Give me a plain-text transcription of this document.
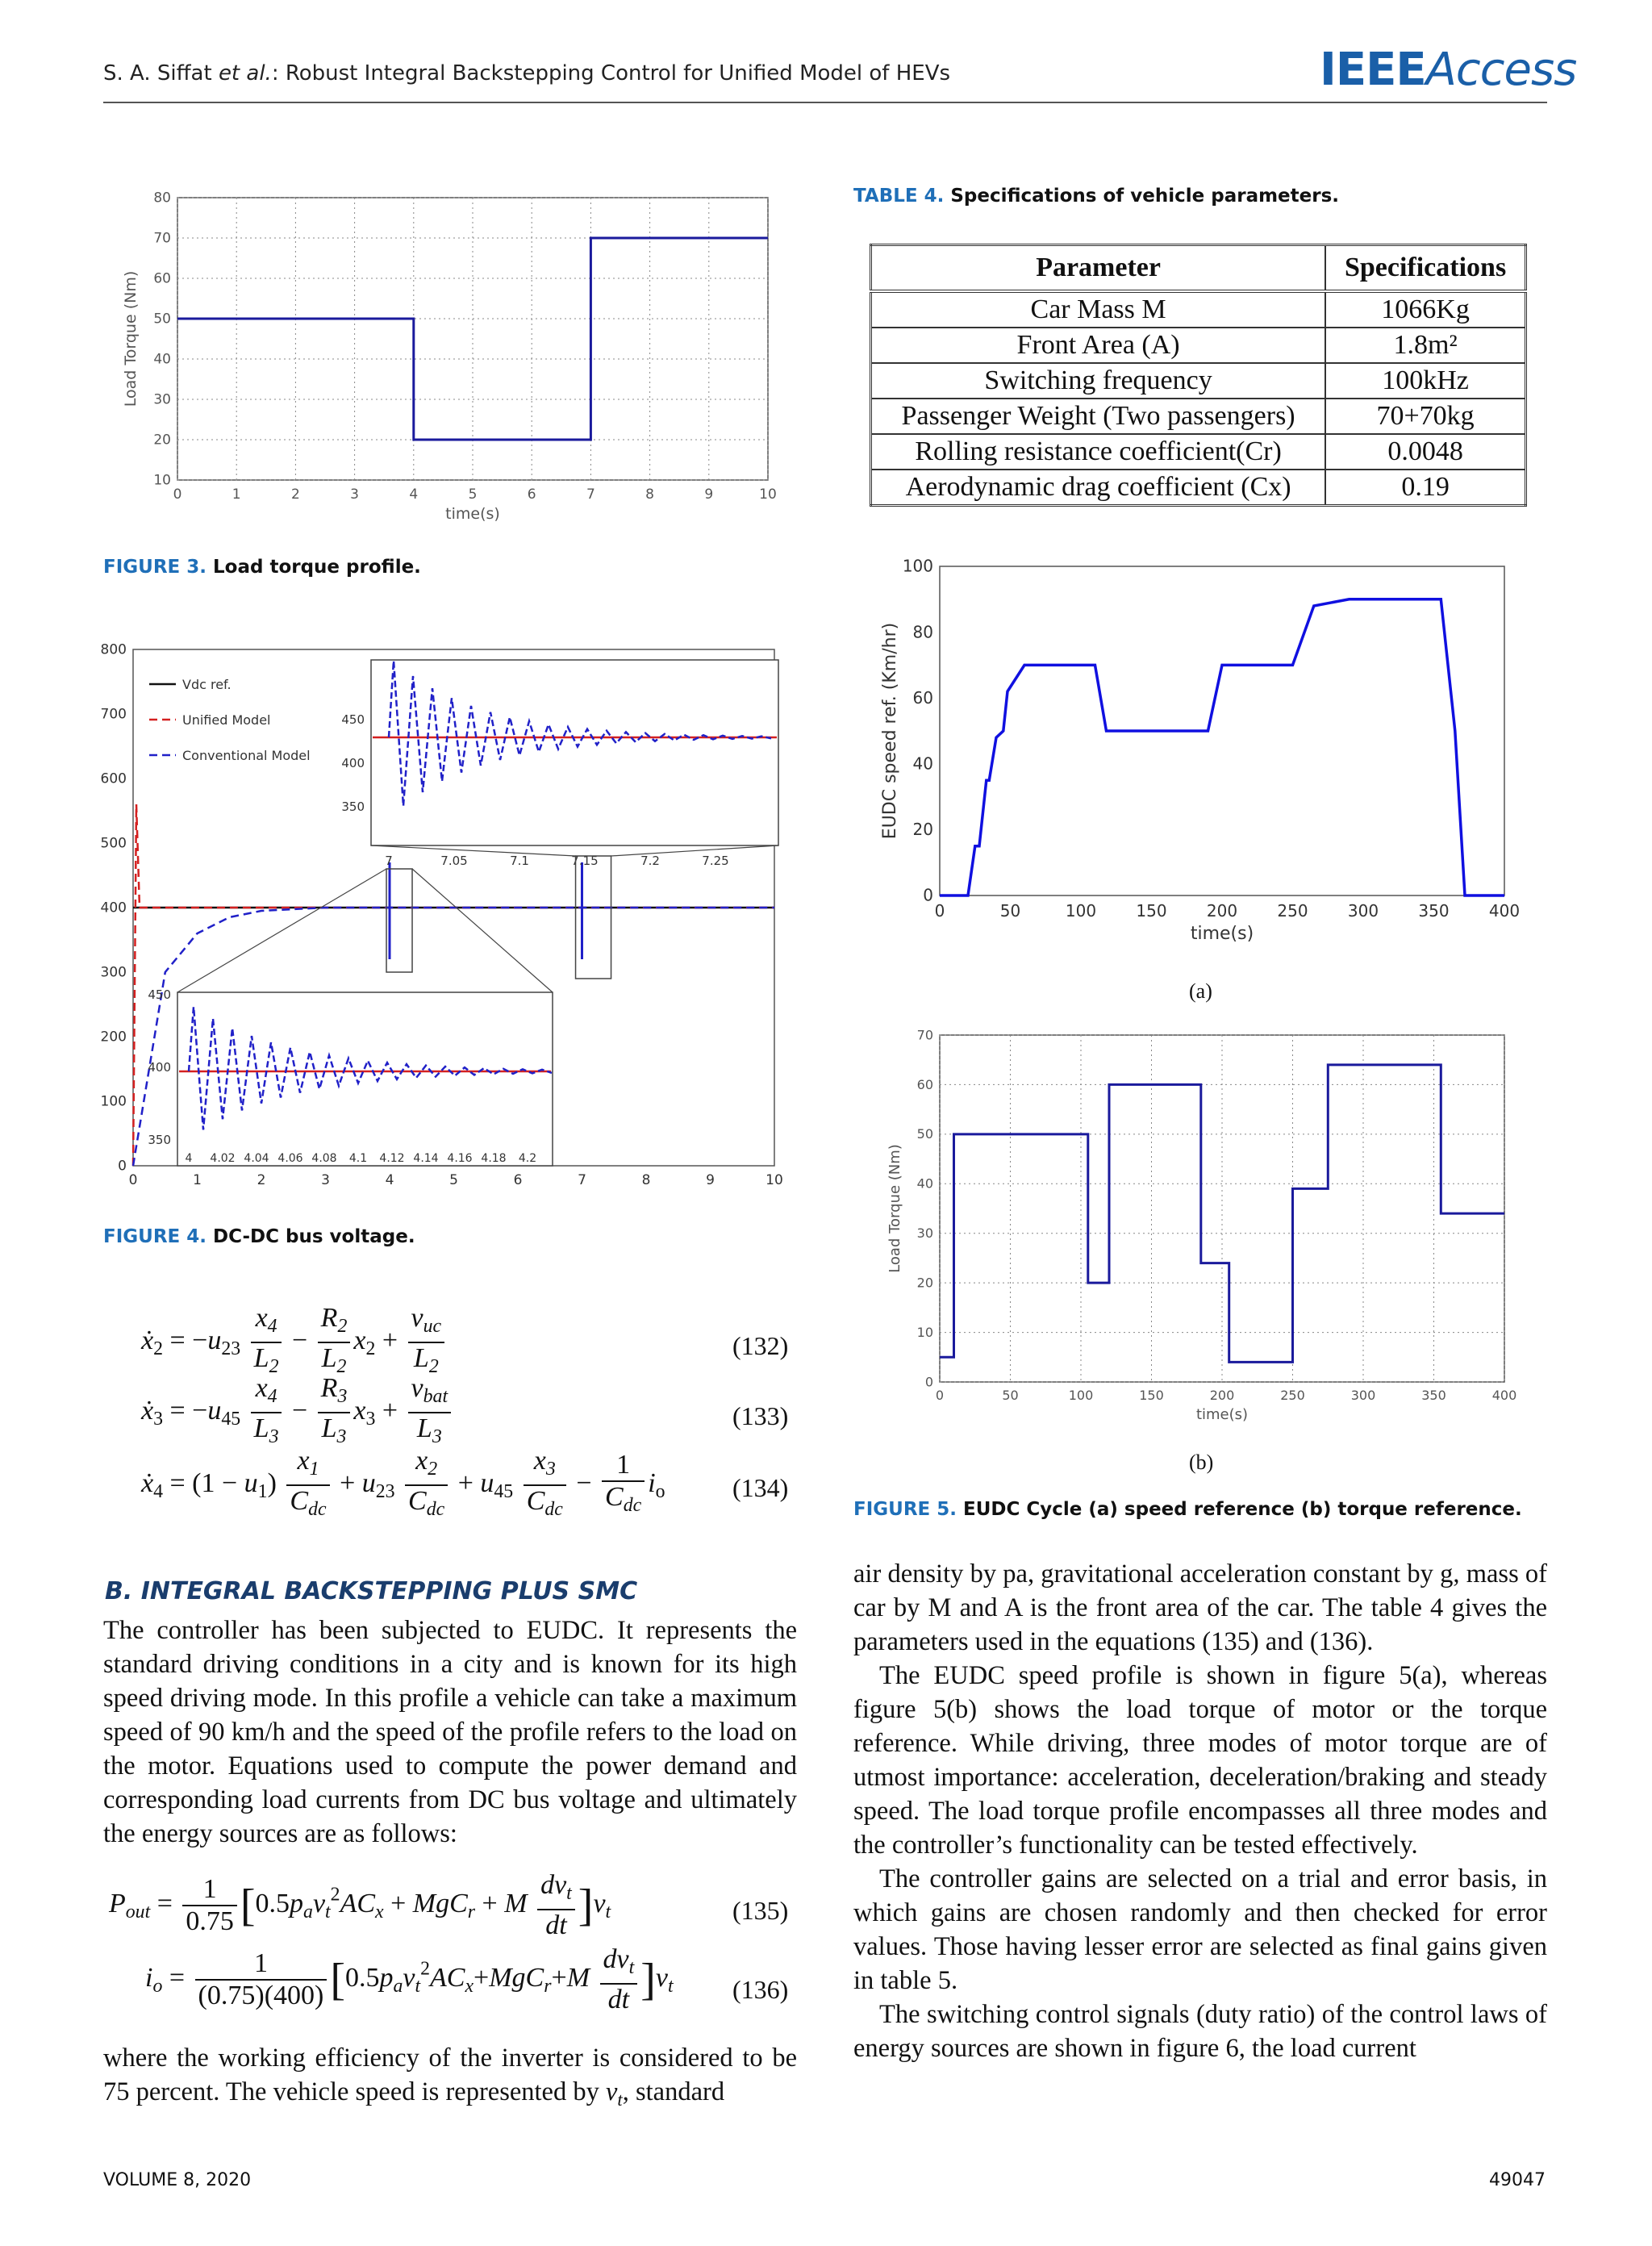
S. A. Siffat et al.: Robust Integral Backstepping Control for Unified Model of HEVs	IEEEAccess
0	1	2	3	4	5	6	7	8	9	10
10
20
30
40
50
60
70
80
time(s)
Load Torque (Nm)
FIGURE 3. Load torque profile.
0	1	2	3	4	5	6	7	8	9	10
0
100
200
300
400
500
600
700
800
Vdc ref.
Unified Model
Conventional Model
7	7.05	7.1	7.15	7.2	7.25
350
400
450
4 4.02 4.04 4.06 4.08 4.1 4.12 4.14 4.16 4.18 4.2
350
400
450
FIGURE 4. DC-DC bus voltage.
ẋ$_2$ = $-u_{23} \frac{x_4}{L_2} - \frac{R_2}{L_2} x_2 + \frac{v_{uc}}{L_2}$	(132)
ẋ$_3$ = $-u_{45} \frac{x_4}{L_3} - \frac{R_3}{L_3} x_3 + \frac{v_{bat}}{L_3}$	(133)
ẋ$_4$ = $(1 - u_1) \frac{x_1}{C_{dc}} + u_{23} \frac{x_2}{C_{dc}} + u_{45} \frac{x_3}{C_{dc}} - \frac{1}{C_{dc}} i_o$	(134)
B. INTEGRAL BACKSTEPPING PLUS SMC
The controller has been subjected to EUDC. It represents the standard driving conditions in a city and is known for its high speed driving mode. In this profile a vehicle can take a maximum speed of 90 km/h and the speed of the profile refers to the load on the motor. Equations used to compute the power demand and corresponding load currents from DC bus voltage and ultimately the energy sources are as follows:
$P_{out} = \frac{1}{0.75} [0.5p_av_t^2AC_x + MgC_r + M \frac{dv_t}{dt} ]v_t$	(135)
$i_o = \frac{1}{(0.75)(400)} [0.5p_av_t^2AC_x+MgC_r+M \frac{dv_t}{dt} ]v_t$ (136)
where the working efficiency of the inverter is considered to be 75 percent. The vehicle speed is represented by $v_t$, standard
TABLE 4. Specifications of vehicle parameters.
Parameter	Specifications
Car Mass M	1066Kg
Front Area (A)	1.8m²
Switching frequency	100kHz
Passenger Weight (Two passengers)	70+70kg
Rolling resistance coefficient(Cr)	0.0048
Aerodynamic drag coefficient (Cx)	0.19
0	50	100 150 200 250 300 350 400
0
20
40
60
80
100
time(s)
EUDC speed ref. (Km/hr)
(a)
0	50	100	150	200	250	300	350	400
0
10
20
30
40
50
60
70
time(s)
Load Torque (Nm)
(b)
FIGURE 5. EUDC Cycle (a) speed reference (b) torque reference.
air density by pa, gravitational acceleration constant by g, mass of car by M and A is the front area of the car. The table 4 gives the parameters used in the equations (135) and (136).
The EUDC speed profile is shown in figure 5(a), whereas figure 5(b) shows the load torque of motor or the torque reference. While driving, three modes of motor torque are of utmost importance: acceleration, deceleration/braking and steady speed. The load torque profile encompasses all three modes and the controller’s functionality can be tested effectively.
The controller gains are selected on a trial and error basis, in which gains are chosen randomly and then checked for error values. Those having lesser error are selected as final gains given in table 5.
The switching control signals (duty ratio) of the control laws of energy sources are shown in figure 6, the load current
VOLUME 8, 2020	49047
